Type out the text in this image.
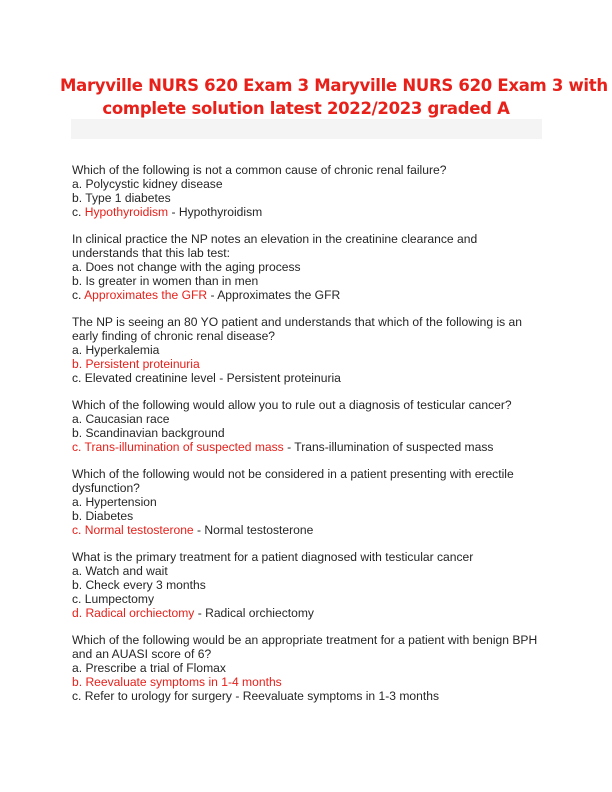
Maryville NURS 620 Exam 3 Maryville NURS 620 Exam 3 with
complete solution latest 2022/2023 graded A
Which of the following is not a common cause of chronic renal failure?
a. Polycystic kidney disease
b. Type 1 diabetes
c. Hypothyroidism - Hypothyroidism
In clinical practice the NP notes an elevation in the creatinine clearance and
understands that this lab test:
a. Does not change with the aging process
b. Is greater in women than in men
c. Approximates the GFR - Approximates the GFR
The NP is seeing an 80 YO patient and understands that which of the following is an
early finding of chronic renal disease?
a. Hyperkalemia
b. Persistent proteinuria
c. Elevated creatinine level - Persistent proteinuria
Which of the following would allow you to rule out a diagnosis of testicular cancer?
a. Caucasian race
b. Scandinavian background
c. Trans-illumination of suspected mass - Trans-illumination of suspected mass
Which of the following would not be considered in a patient presenting with erectile
dysfunction?
a. Hypertension
b. Diabetes
c. Normal testosterone - Normal testosterone
What is the primary treatment for a patient diagnosed with testicular cancer
a. Watch and wait
b. Check every 3 months
c. Lumpectomy
d. Radical orchiectomy - Radical orchiectomy
Which of the following would be an appropriate treatment for a patient with benign BPH
and an AUASI score of 6?
a. Prescribe a trial of Flomax
b. Reevaluate symptoms in 1-4 months
c. Refer to urology for surgery - Reevaluate symptoms in 1-3 months
